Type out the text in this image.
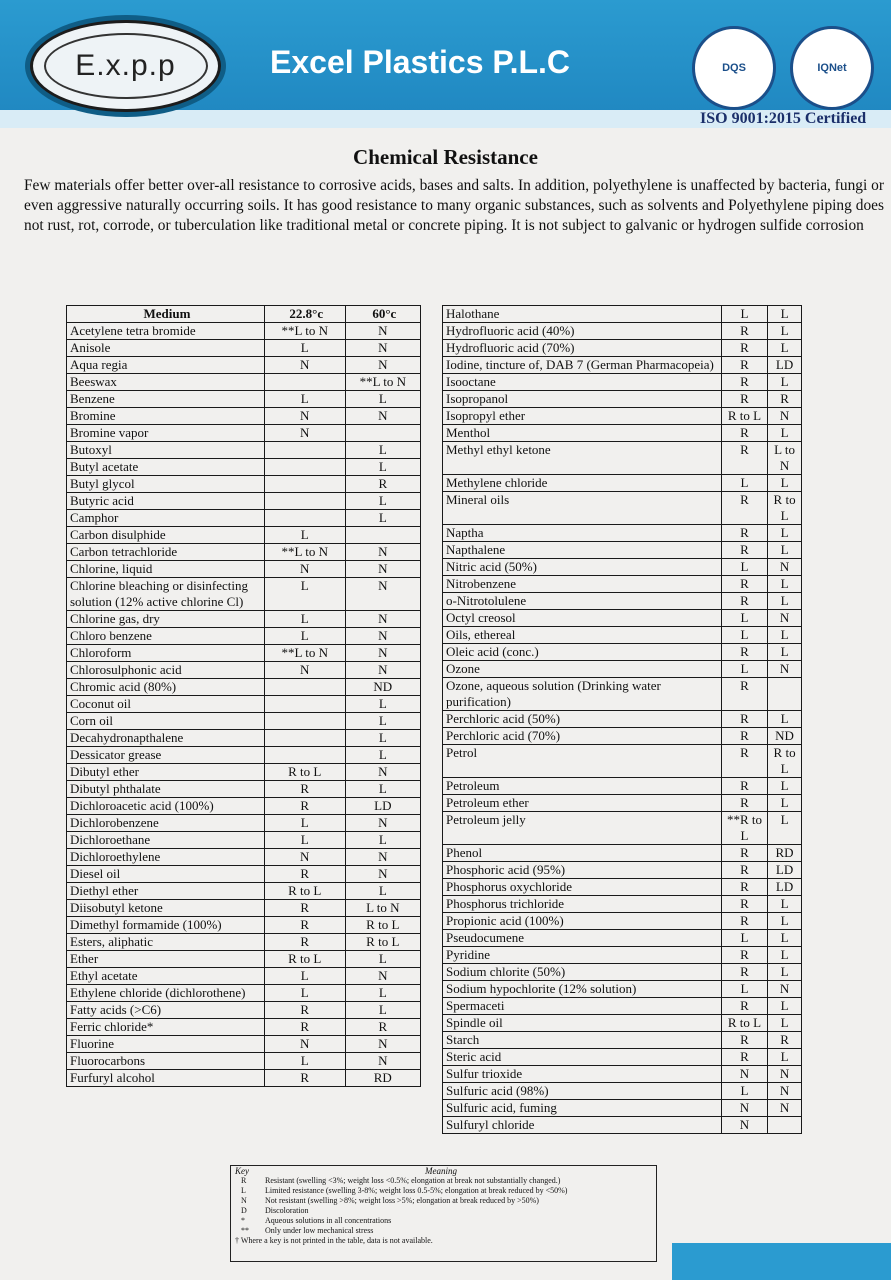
E.x.p.p	Excel Plastics P.L.C	DQS	IQNet
ISO 9001:2015 Certified
Chemical Resistance
Few materials offer better over-all resistance to corrosive acids, bases and salts. In addition, polyethylene is unaffected by bacteria, fungi or even aggressive naturally occurring soils. It has good resistance to many organic substances, such as solvents and Polyethylene piping does not rust, rot, corrode, or tuberculation like traditional metal or concrete piping. It is not subject to galvanic or hydrogen sulfide corrosion
Medium	22.8°c	60°c
Acetylene tetra bromide	**L to N	N
Anisole	L	N
Aqua regia	N	N
Beeswax		**L to N
Benzene	L	L
Bromine	N	N
Bromine vapor	N	
Butoxyl		L
Butyl acetate		L
Butyl glycol		R
Butyric acid		L
Camphor		L
Carbon disulphide	L	
Carbon tetrachloride	**L to N	N
Chlorine, liquid	N	N
Chlorine bleaching or disinfecting solution (12% active chlorine Cl)	L	N
Chlorine gas, dry	L	N
Chloro benzene	L	N
Chloroform	**L to N	N
Chlorosulphonic acid	N	N
Chromic acid (80%)		ND
Coconut oil		L
Corn oil		L
Decahydronapthalene		L
Dessicator grease		L
Dibutyl ether	R to L	N
Dibutyl phthalate	R	L
Dichloroacetic acid (100%)	R	LD
Dichlorobenzene	L	N
Dichloroethane	L	L
Dichloroethylene	N	N
Diesel oil	R	N
Diethyl ether	R to L	L
Diisobutyl ketone	R	L to N
Dimethyl formamide (100%)	R	R to L
Esters, aliphatic	R	R to L
Ether	R to L	L
Ethyl acetate	L	N
Ethylene chloride (dichlorothene)	L	L
Fatty acids (>C6)	R	L
Ferric chloride*	R	R
Fluorine	N	N
Fluorocarbons	L	N
Furfuryl alcohol	R	RD
Halothane	L	L
Hydrofluoric acid (40%)	R	L
Hydrofluoric acid (70%)	R	L
Iodine, tincture of, DAB 7 (German Pharmacopeia)	R	LD
Isooctane	R	L
Isopropanol	R	R
Isopropyl ether	R to L	N
Menthol	R	L
Methyl ethyl ketone	R	L to N
Methylene chloride	L	L
Mineral oils	R	R to L
Naptha	R	L
Napthalene	R	L
Nitric acid (50%)	L	N
Nitrobenzene	R	L
o-Nitrotolulene	R	L
Octyl creosol	L	N
Oils, ethereal	L	L
Oleic acid (conc.)	R	L
Ozone	L	N
Ozone, aqueous solution (Drinking water purification)	R	
Perchloric acid (50%)	R	L
Perchloric acid (70%)	R	ND
Petrol	R	R to L
Petroleum	R	L
Petroleum ether	R	L
Petroleum jelly	**R to L	L
Phenol	R	RD
Phosphoric acid (95%)	R	LD
Phosphorus oxychloride	R	LD
Phosphorus trichloride	R	L
Propionic acid (100%)	R	L
Pseudocumene	L	L
Pyridine	R	L
Sodium chlorite (50%)	R	L
Sodium hypochlorite (12% solution)	L	N
Spermaceti	R	L
Spindle oil	R to L	L
Starch	R	R
Steric acid	R	L
Sulfur trioxide	N	N
Sulfuric acid (98%)	L	N
Sulfuric acid, fuming	N	N
Sulfuryl chloride	N	
Key	Meaning
R	Resistant (swelling <3%; weight loss <0.5%; elongation at break not substantially changed.)
L	Limited resistance (swelling 3-8%; weight loss 0.5-5%; elongation at break reduced by <50%)
N	Not resistant (swelling >8%; weight loss >5%; elongation at break reduced by >50%)
D	Discoloration
*	Aqueous solutions in all concentrations
**	Only under low mechanical stress
† Where a key is not printed in the table, data is not available.
